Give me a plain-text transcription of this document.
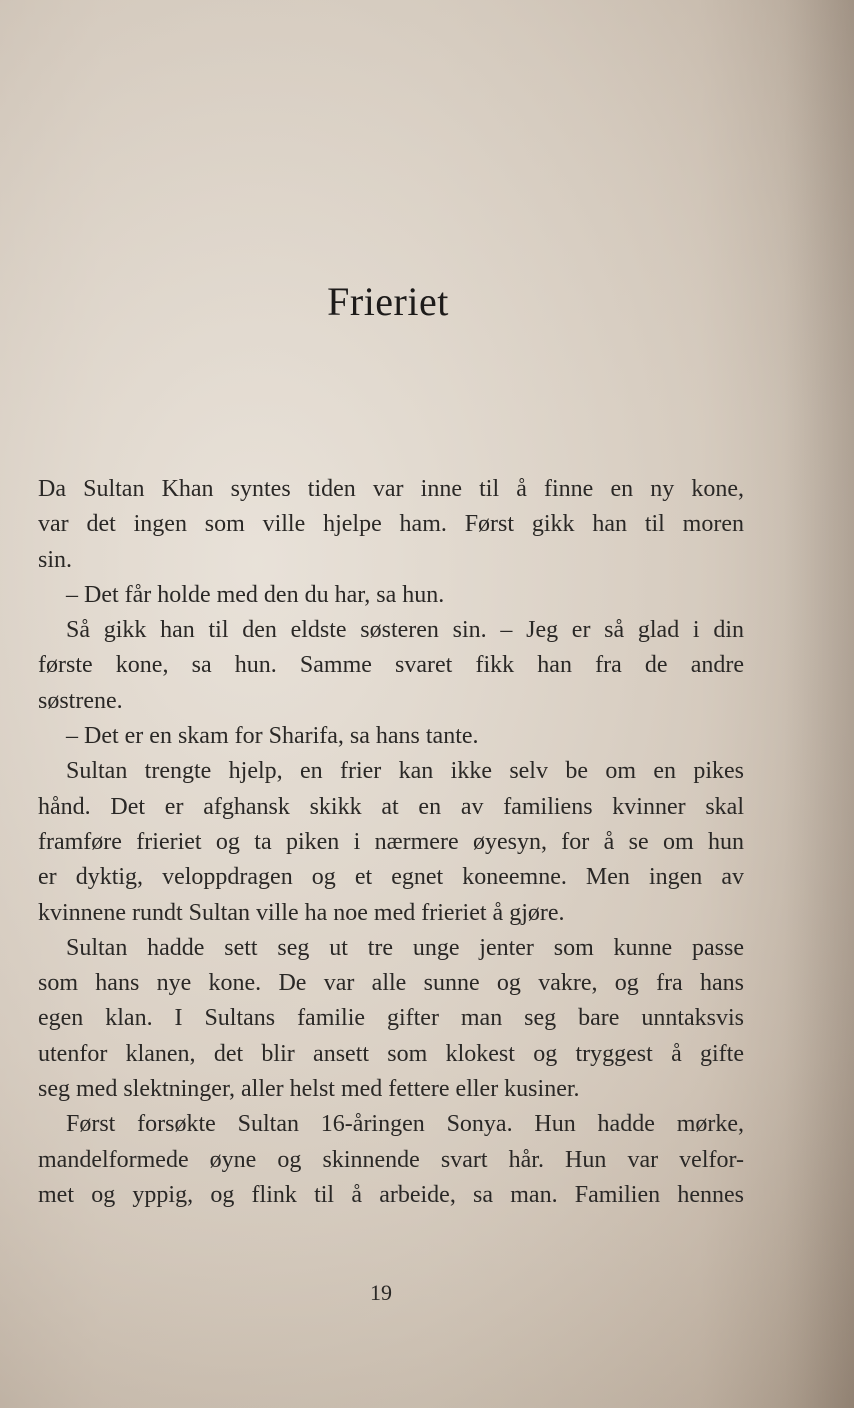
Frieriet
Da Sultan Khan syntes tiden var inne til å finne en ny kone,
var det ingen som ville hjelpe ham. Først gikk han til moren
sin.
– Det får holde med den du har, sa hun.
Så gikk han til den eldste søsteren sin. – Jeg er så glad i din
første kone, sa hun. Samme svaret fikk han fra de andre
søstrene.
– Det er en skam for Sharifa, sa hans tante.
Sultan trengte hjelp, en frier kan ikke selv be om en pikes
hånd. Det er afghansk skikk at en av familiens kvinner skal
framføre frieriet og ta piken i nærmere øyesyn, for å se om hun
er dyktig, veloppdragen og et egnet koneemne. Men ingen av
kvinnene rundt Sultan ville ha noe med frieriet å gjøre.
Sultan hadde sett seg ut tre unge jenter som kunne passe
som hans nye kone. De var alle sunne og vakre, og fra hans
egen klan. I Sultans familie gifter man seg bare unntaksvis
utenfor klanen, det blir ansett som klokest og tryggest å gifte
seg med slektninger, aller helst med fettere eller kusiner.
Først forsøkte Sultan 16-åringen Sonya. Hun hadde mørke,
mandelformede øyne og skinnende svart hår. Hun var velfor-
met og yppig, og flink til å arbeide, sa man. Familien hennes
19
